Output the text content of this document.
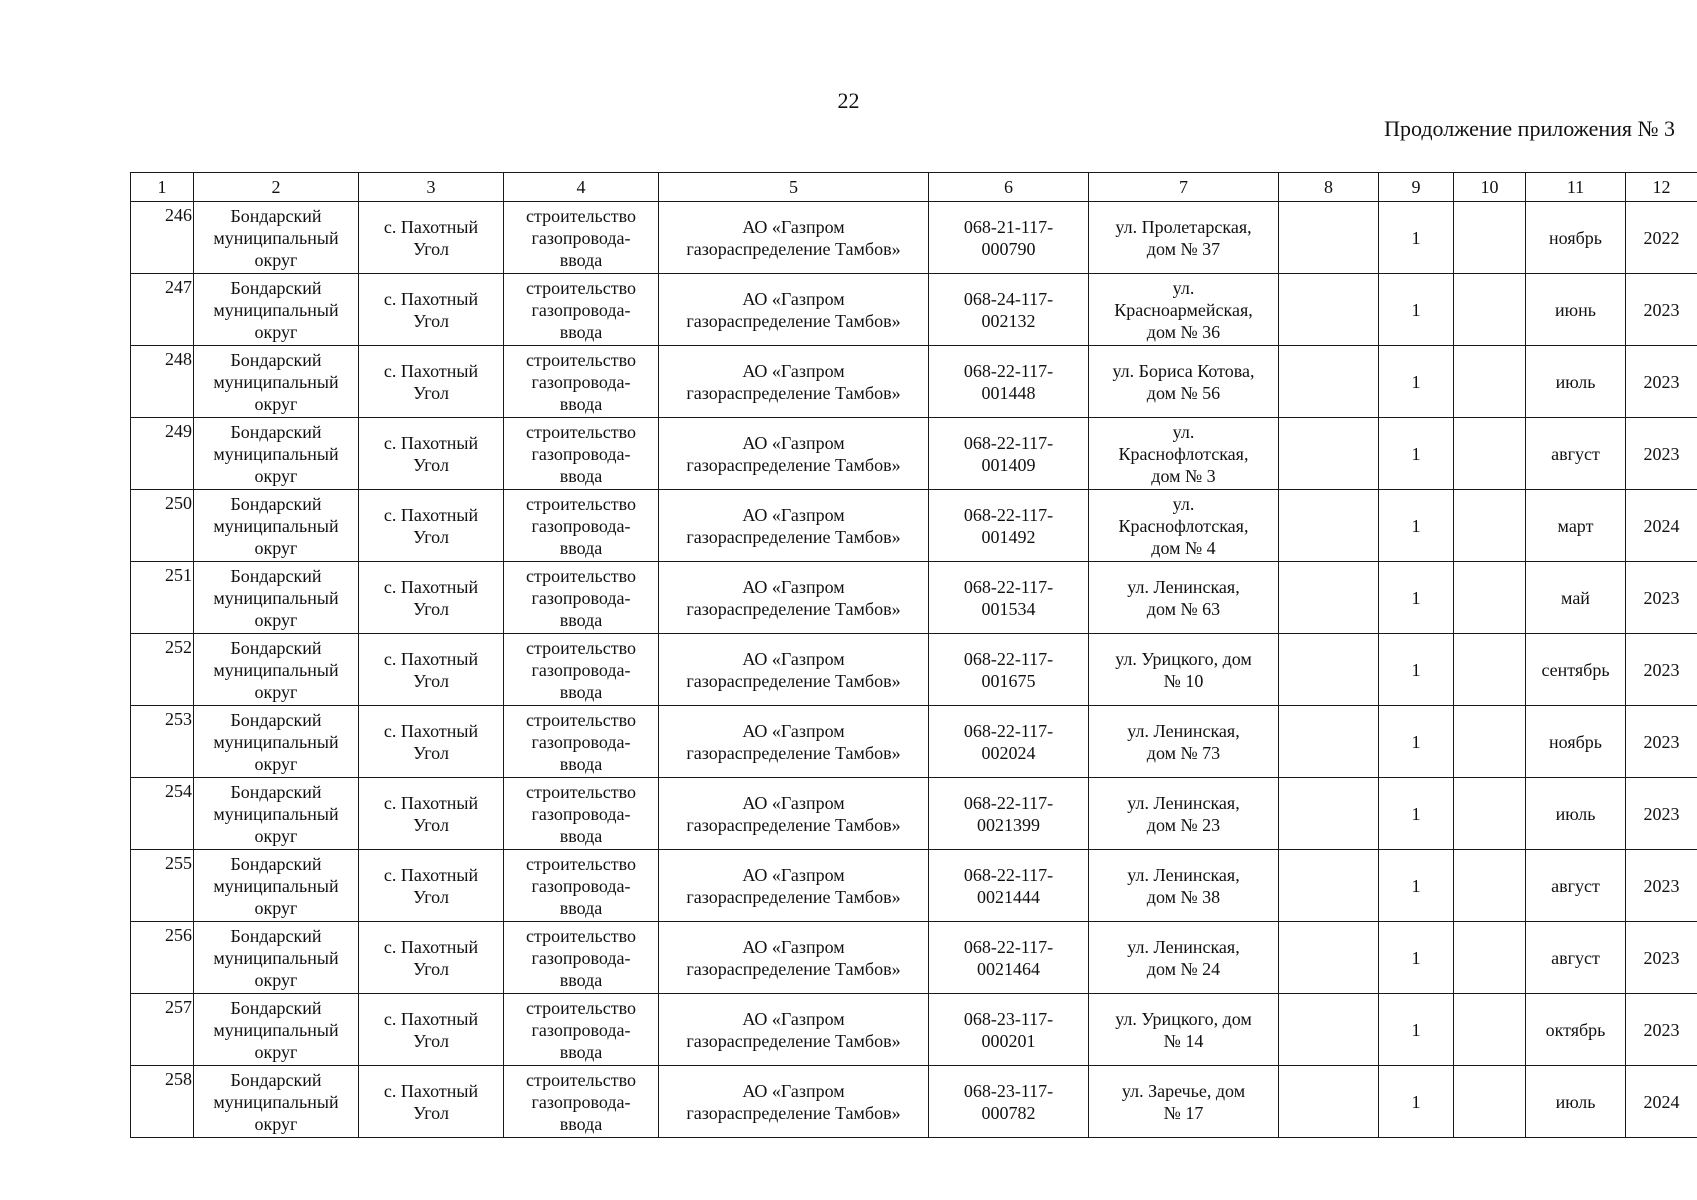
22
Продолжение приложения № 3
1	2	3	4	5	6	7	8	9	10	11	12
246	Бондарский
муниципальный
округ	с. Пахотный
Угол	строительство
газопровода-
ввода	АО «Газпром
газораспределение Тамбов»	068-21-117-
000790	ул. Пролетарская,
дом № 37		1		ноябрь	2022
247	Бондарский
муниципальный
округ	с. Пахотный
Угол	строительство
газопровода-
ввода	АО «Газпром
газораспределение Тамбов»	068-24-117-
002132	ул.
Красноармейская,
дом № 36		1		июнь	2023
248	Бондарский
муниципальный
округ	с. Пахотный
Угол	строительство
газопровода-
ввода	АО «Газпром
газораспределение Тамбов»	068-22-117-
001448	ул. Бориса Котова,
дом № 56		1		июль	2023
249	Бондарский
муниципальный
округ	с. Пахотный
Угол	строительство
газопровода-
ввода	АО «Газпром
газораспределение Тамбов»	068-22-117-
001409	ул.
Краснофлотская,
дом № 3		1		август	2023
250	Бондарский
муниципальный
округ	с. Пахотный
Угол	строительство
газопровода-
ввода	АО «Газпром
газораспределение Тамбов»	068-22-117-
001492	ул.
Краснофлотская,
дом № 4		1		март	2024
251	Бондарский
муниципальный
округ	с. Пахотный
Угол	строительство
газопровода-
ввода	АО «Газпром
газораспределение Тамбов»	068-22-117-
001534	ул. Ленинская,
дом № 63		1		май	2023
252	Бондарский
муниципальный
округ	с. Пахотный
Угол	строительство
газопровода-
ввода	АО «Газпром
газораспределение Тамбов»	068-22-117-
001675	ул. Урицкого, дом
№ 10		1		сентябрь	2023
253	Бондарский
муниципальный
округ	с. Пахотный
Угол	строительство
газопровода-
ввода	АО «Газпром
газораспределение Тамбов»	068-22-117-
002024	ул. Ленинская,
дом № 73		1		ноябрь	2023
254	Бондарский
муниципальный
округ	с. Пахотный
Угол	строительство
газопровода-
ввода	АО «Газпром
газораспределение Тамбов»	068-22-117-
0021399	ул. Ленинская,
дом № 23		1		июль	2023
255	Бондарский
муниципальный
округ	с. Пахотный
Угол	строительство
газопровода-
ввода	АО «Газпром
газораспределение Тамбов»	068-22-117-
0021444	ул. Ленинская,
дом № 38		1		август	2023
256	Бондарский
муниципальный
округ	с. Пахотный
Угол	строительство
газопровода-
ввода	АО «Газпром
газораспределение Тамбов»	068-22-117-
0021464	ул. Ленинская,
дом № 24		1		август	2023
257	Бондарский
муниципальный
округ	с. Пахотный
Угол	строительство
газопровода-
ввода	АО «Газпром
газораспределение Тамбов»	068-23-117-
000201	ул. Урицкого, дом
№ 14		1		октябрь	2023
258	Бондарский
муниципальный
округ	с. Пахотный
Угол	строительство
газопровода-
ввода	АО «Газпром
газораспределение Тамбов»	068-23-117-
000782	ул. Заречье, дом
№ 17		1		июль	2024
